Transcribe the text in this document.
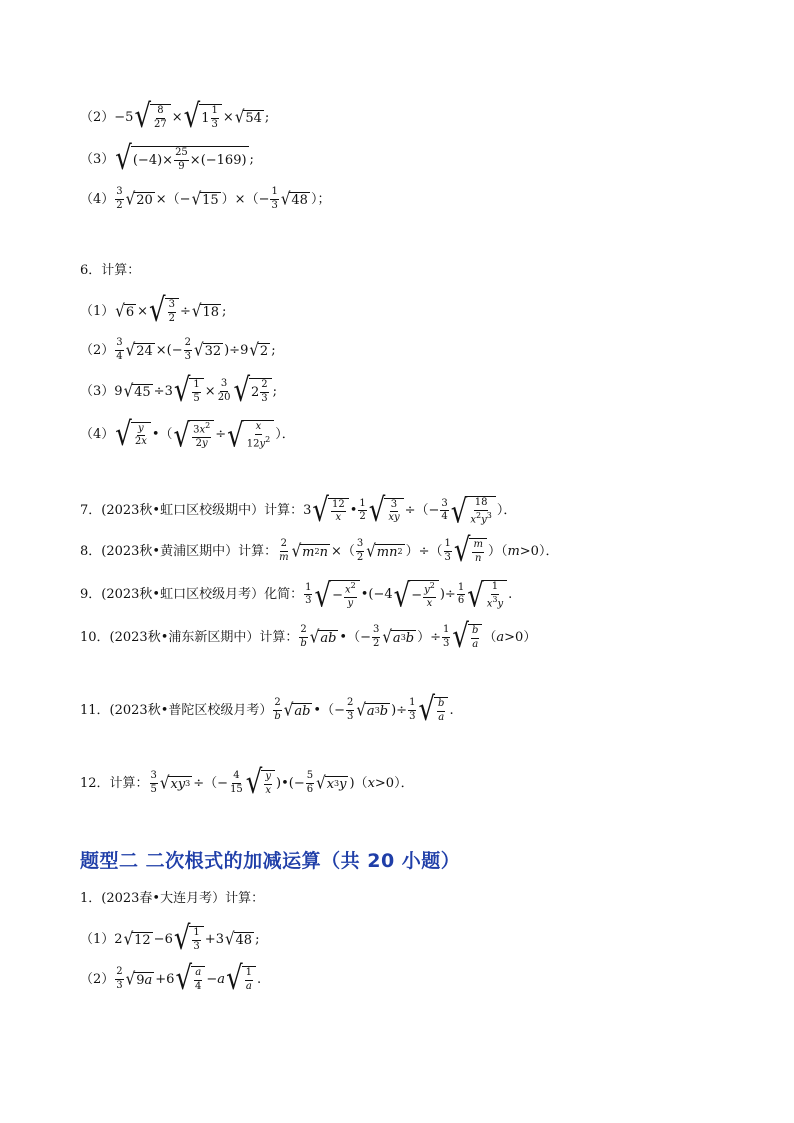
（2） −5 √ $\frac{8}{27}$ × √ $1 \frac{1}{3}$ × √ 54 ;
（3） √ $(-4)\times \frac{25}{9} \times(-169)$ ;
$(4) \frac{3}{2}$ √ 20 ×（− √ 15 ）×（− $\frac{1}{3}$ √ 48 ）；
6．计算：
（1） √ 6 × √ $\frac{3}{2}$ ÷ √ 18 ;
$(2) \frac{3}{4}$ √ 24 ×(− $\frac{2}{3}$ √ 32 )÷9 √ 2 ;
（3） 9 √ 45 ÷3 √ $\frac{1}{5} \times \frac{3}{20}$ √ $2 \frac{2}{3}$ ;
（4） √ $\frac{y}{2x}$ •（ √ $\frac{3x^2}{2y}$ ÷ √ $\frac{x}{12y^2}$ ）．
7．(2023秋•虹口区校级期中）计算： 3 √ $\frac{12}{x}$ • $\frac{1}{2}$ √ $\frac{3}{xy}$ ÷（− $\frac{3}{4}$ √ $\frac{18}{x^2y^3}$ ）．
8．(2023秋•黄浦区期中）计算： $\frac{2}{m}$ √ m 2 n ×（ $\frac{3}{2}$ √ mn 2 ）÷（ $\frac{1}{3}$ √ $\frac{m}{n} )(m>0)$．
9．(2023秋•虹口区校级月考）化简： $\frac{1}{3}$ √ − $\frac{x^2}{y}$ •(−4 √ − $\frac{y^2}{x}$ )÷ $\frac{1}{6}$ √ $\frac{1}{x^3y}$ .
10．(2023秋•浦东新区期中）计算： $\frac{2}{b}$ √ ab •（− $\frac{3}{2}$ √ a 3 b ）÷ $\frac{1}{3}$ √ $\frac{b}{a} (a>0)$
11．(2023秋•普陀区校级月考） $\frac{2}{b}$ √ ab •（− $\frac{2}{3}$ √ a 3 b )÷ $\frac{1}{3}$ √ $\frac{b}{a}$ .
12．计算： $\frac{3}{5}$ √ xy 3 ÷（− $\frac{4}{15}$ √ $\frac{y}{x}$ )•(− $\frac{5}{6}$ √ x 3 y )（x>0）．
题型二 二次根式的加减运算（共 20 小题）
1．(2023春•大连月考）计算：
（1） 2 √ 12 −6 √ $\frac{1}{3} +3$ √ 48 ;
$(2) \frac{2}{3}$ √ 9 a +6 √ $\frac{a}{4} -a$ √ $\frac{1}{a}$ .
